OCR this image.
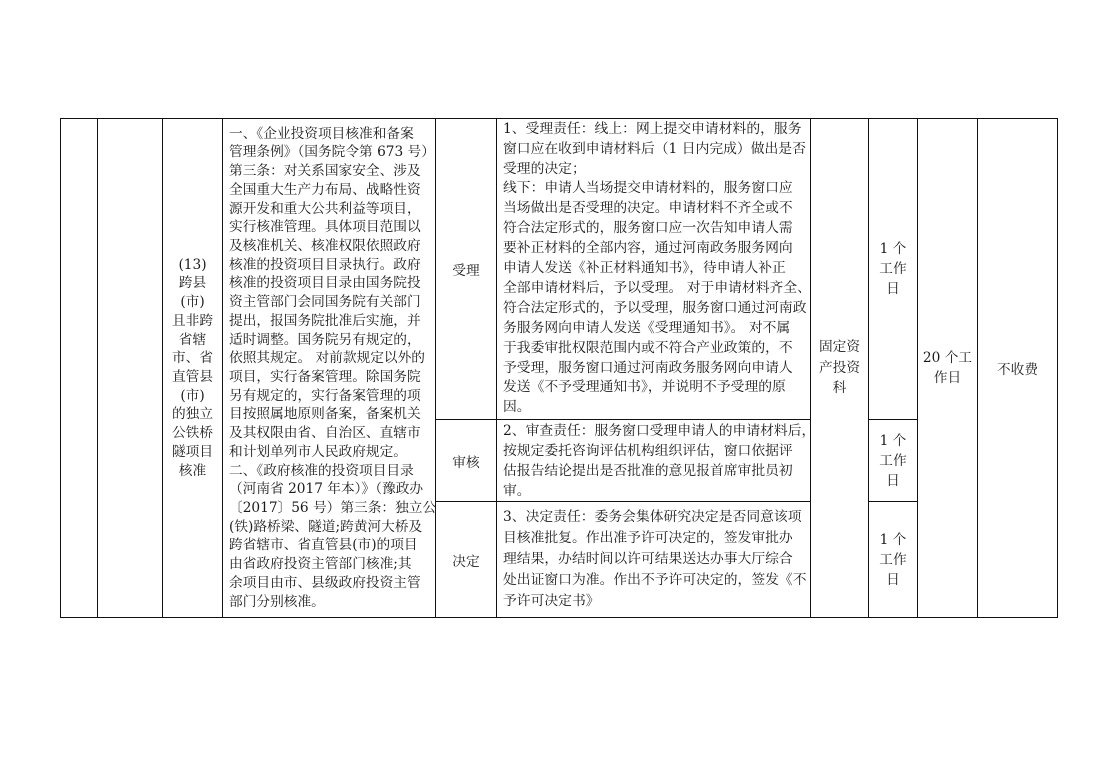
(13)
跨县
(市)
且非跨
省辖
市、省
直管县
(市)
的独立
公铁桥
隧项目
核准
一、《企业投资项目核准和备案
管理条例》（国务院令第 673 号）
第三条：对关系国家安全、涉及
全国重大生产力布局、战略性资
源开发和重大公共利益等项目，
实行核准管理。具体项目范围以
及核准机关、核准权限依照政府
核准的投资项目目录执行。政府
核准的投资项目目录由国务院投
资主管部门会同国务院有关部门
提出，报国务院批准后实施，并
适时调整。国务院另有规定的，
依照其规定。 对前款规定以外的
项目，实行备案管理。除国务院
另有规定的，实行备案管理的项
目按照属地原则备案，备案机关
及其权限由省、自治区、直辖市
和计划单列市人民政府规定。
二、《政府核准的投资项目目录
（河南省 2017 年本）》（豫政办
〔2017〕56 号）第三条：独立公
(铁)路桥梁、隧道;跨黄河大桥及
跨省辖市、省直管县(市)的项目
由省政府投资主管部门核准;其
余项目由市、县级政府投资主管
部门分别核准。
受理
1、受理责任：线上：网上提交申请材料的，服务
窗口应在收到申请材料后（1 日内完成）做出是否
受理的决定；
线下：申请人当场提交申请材料的，服务窗口应
当场做出是否受理的决定。申请材料不齐全或不
符合法定形式的，服务窗口应一次告知申请人需
要补正材料的全部内容，通过河南政务服务网向
申请人发送《补正材料通知书》，待申请人补正
全部申请材料后，予以受理。 对于申请材料齐全、
符合法定形式的，予以受理，服务窗口通过河南政
务服务网向申请人发送《受理通知书》。 对不属
于我委审批权限范围内或不符合产业政策的，不
予受理，服务窗口通过河南政务服务网向申请人
发送《不予受理通知书》，并说明不予受理的原
因。
1 个
工作
日
审核
2、审查责任：服务窗口受理申请人的申请材料后，
按规定委托咨询评估机构组织评估，窗口依据评
估报告结论提出是否批准的意见报首席审批员初
审。
1 个
工作
日
决定
3、决定责任：委务会集体研究决定是否同意该项
目核准批复。作出准予许可决定的，签发审批办
理结果，办结时间以许可结果送达办事大厅综合
处出证窗口为准。作出不予许可决定的，签发《不
予许可决定书》
1 个
工作
日
固定资
产投资
科
20 个工
作日	不收费
